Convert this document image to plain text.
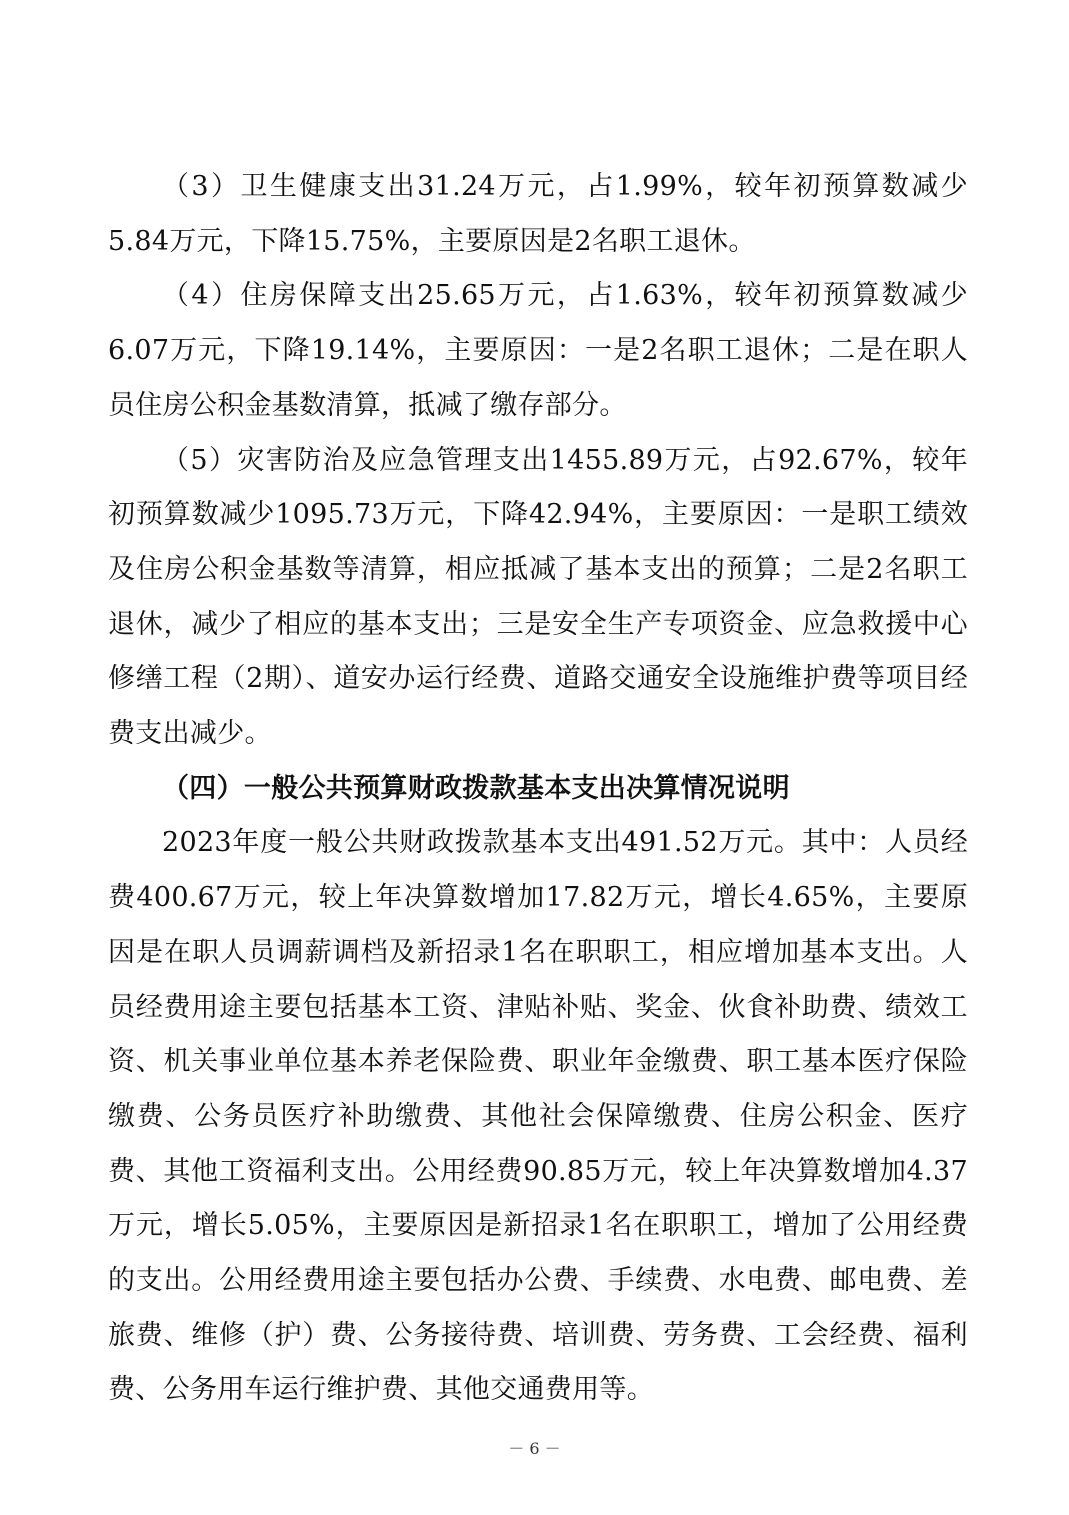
（3）卫生健康支出31.24万元，占1.99%，较年初预算数减少5.84万元，下降15.75%，主要原因是2名职工退休。

（4）住房保障支出25.65万元，占1.63%，较年初预算数减少6.07万元，下降19.14%，主要原因：一是2名职工退休；二是在职人员住房公积金基数清算，抵减了缴存部分。

（5）灾害防治及应急管理支出1455.89万元，占92.67%，较年初预算数减少1095.73万元，下降42.94%，主要原因：一是职工绩效及住房公积金基数等清算，相应抵减了基本支出的预算；二是2名职工退休，减少了相应的基本支出；三是安全生产专项资金、应急救援中心修缮工程（2期）、道安办运行经费、道路交通安全设施维护费等项目经费支出减少。

（四）一般公共预算财政拨款基本支出决算情况说明

2023年度一般公共财政拨款基本支出491.52万元。其中：人员经费400.67万元，较上年决算数增加17.82万元，增长4.65%，主要原因是在职人员调薪调档及新招录1名在职职工，相应增加基本支出。人员经费用途主要包括基本工资、津贴补贴、奖金、伙食补助费、绩效工资、机关事业单位基本养老保险费、职业年金缴费、职工基本医疗保险缴费、公务员医疗补助缴费、其他社会保障缴费、住房公积金、医疗费、其他工资福利支出。公用经费90.85万元，较上年决算数增加4.37万元，增长5.05%，主要原因是新招录1名在职职工，增加了公用经费的支出。公用经费用途主要包括办公费、手续费、水电费、邮电费、差旅费、维修（护）费、公务接待费、培训费、劳务费、工会经费、福利费、公务用车运行维护费、其他交通费用等。

－ 6 －
